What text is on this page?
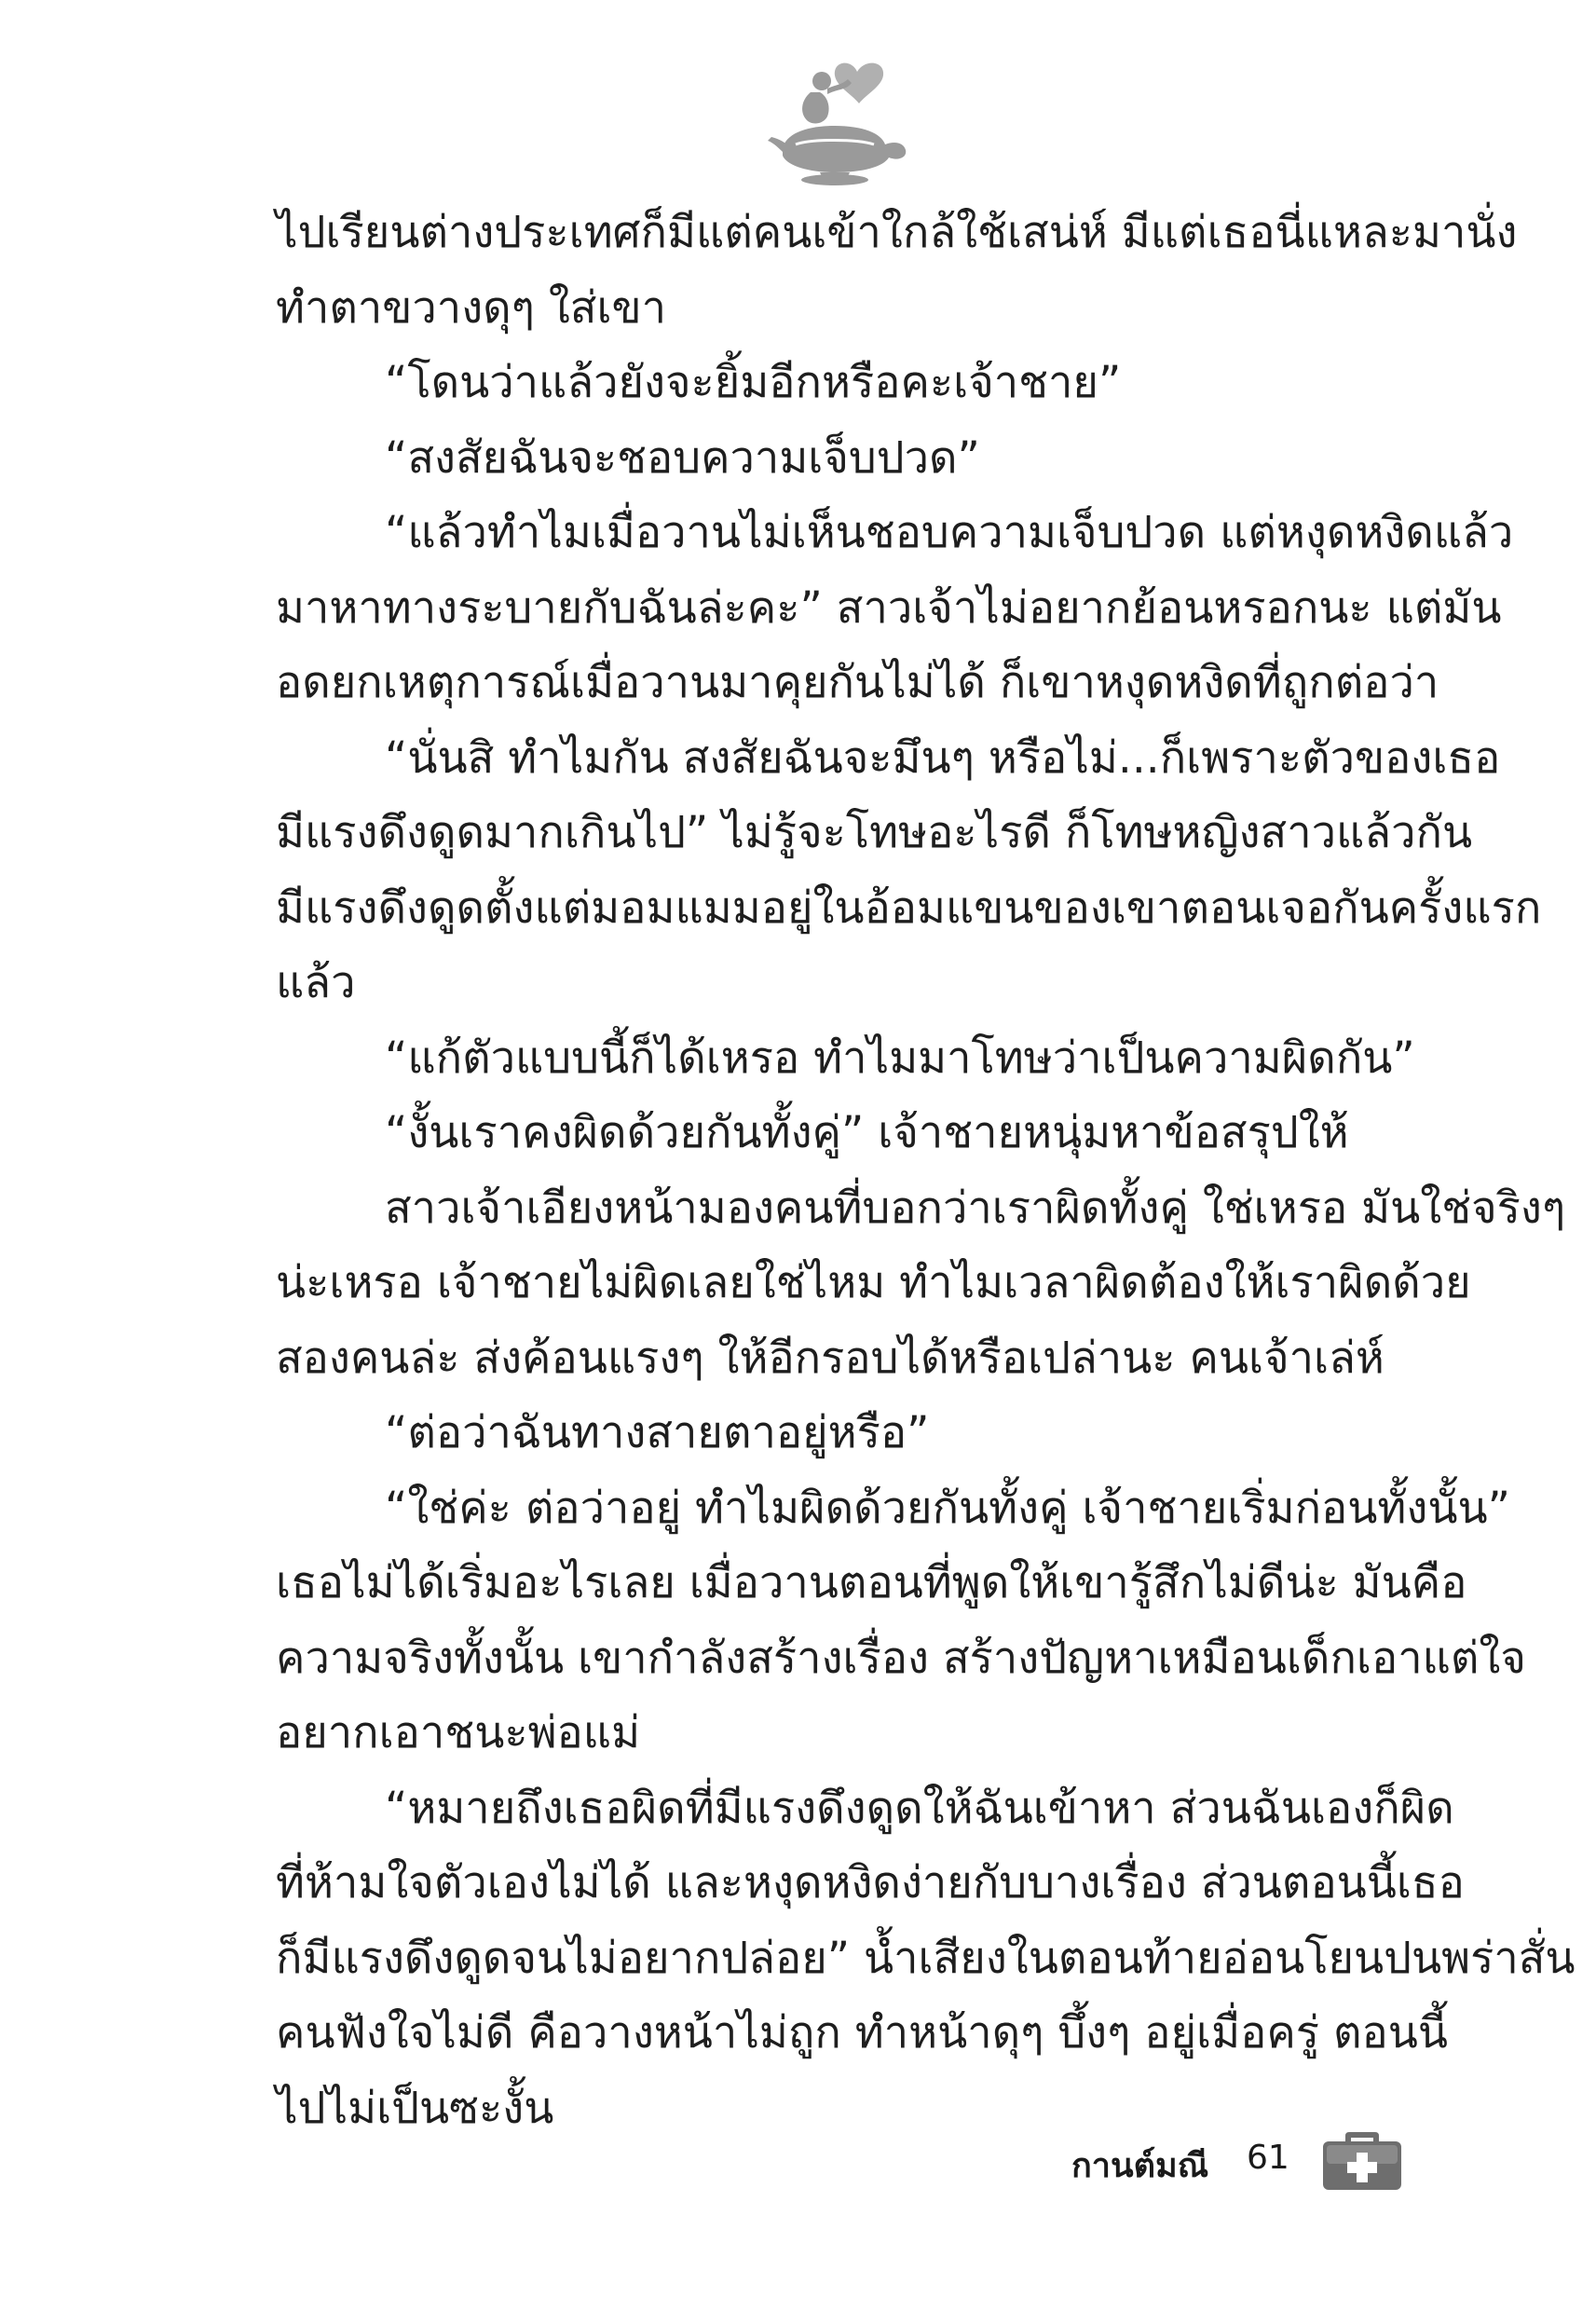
ไปเรียนต่างประเทศก็มีแต่คนเข้าใกล้ใช้เสน่ห์ มีแต่เธอนี่แหละมานั่ง
ทำตาขวางดุๆ ใส่เขา
“โดนว่าแล้วยังจะยิ้มอีกหรือคะเจ้าชาย”
“สงสัยฉันจะชอบความเจ็บปวด”
“แล้วทำไมเมื่อวานไม่เห็นชอบความเจ็บปวด แต่หงุดหงิดแล้ว
มาหาทางระบายกับฉันล่ะคะ” สาวเจ้าไม่อยากย้อนหรอกนะ แต่มัน
อดยกเหตุการณ์เมื่อวานมาคุยกันไม่ได้ ก็เขาหงุดหงิดที่ถูกต่อว่า
“นั่นสิ ทำไมกัน สงสัยฉันจะมึนๆ หรือไม่...ก็เพราะตัวของเธอ
มีแรงดึงดูดมากเกินไป” ไม่รู้จะโทษอะไรดี ก็โทษหญิงสาวแล้วกัน
มีแรงดึงดูดตั้งแต่มอมแมมอยู่ในอ้อมแขนของเขาตอนเจอกันครั้งแรก
แล้ว
“แก้ตัวแบบนี้ก็ได้เหรอ ทำไมมาโทษว่าเป็นความผิดกัน”
“งั้นเราคงผิดด้วยกันทั้งคู่” เจ้าชายหนุ่มหาข้อสรุปให้
สาวเจ้าเอียงหน้ามองคนที่บอกว่าเราผิดทั้งคู่ ใช่เหรอ มันใช่จริงๆ
น่ะเหรอ เจ้าชายไม่ผิดเลยใช่ไหม ทำไมเวลาผิดต้องให้เราผิดด้วย
สองคนล่ะ ส่งค้อนแรงๆ ให้อีกรอบได้หรือเปล่านะ คนเจ้าเล่ห์
“ต่อว่าฉันทางสายตาอยู่หรือ”
“ใช่ค่ะ ต่อว่าอยู่ ทำไมผิดด้วยกันทั้งคู่ เจ้าชายเริ่มก่อนทั้งนั้น”
เธอไม่ได้เริ่มอะไรเลย เมื่อวานตอนที่พูดให้เขารู้สึกไม่ดีน่ะ มันคือ
ความจริงทั้งนั้น เขากำลังสร้างเรื่อง สร้างปัญหาเหมือนเด็กเอาแต่ใจ
อยากเอาชนะพ่อแม่
“หมายถึงเธอผิดที่มีแรงดึงดูดให้ฉันเข้าหา ส่วนฉันเองก็ผิด
ที่ห้ามใจตัวเองไม่ได้ และหงุดหงิดง่ายกับบางเรื่อง ส่วนตอนนี้เธอ
ก็มีแรงดึงดูดจนไม่อยากปล่อย” น้ำเสียงในตอนท้ายอ่อนโยนปนพร่าสั่น
คนฟังใจไม่ดี คือวางหน้าไม่ถูก ทำหน้าดุๆ บึ้งๆ อยู่เมื่อครู่ ตอนนี้
ไปไม่เป็นซะงั้น
กานต์มณี 61
